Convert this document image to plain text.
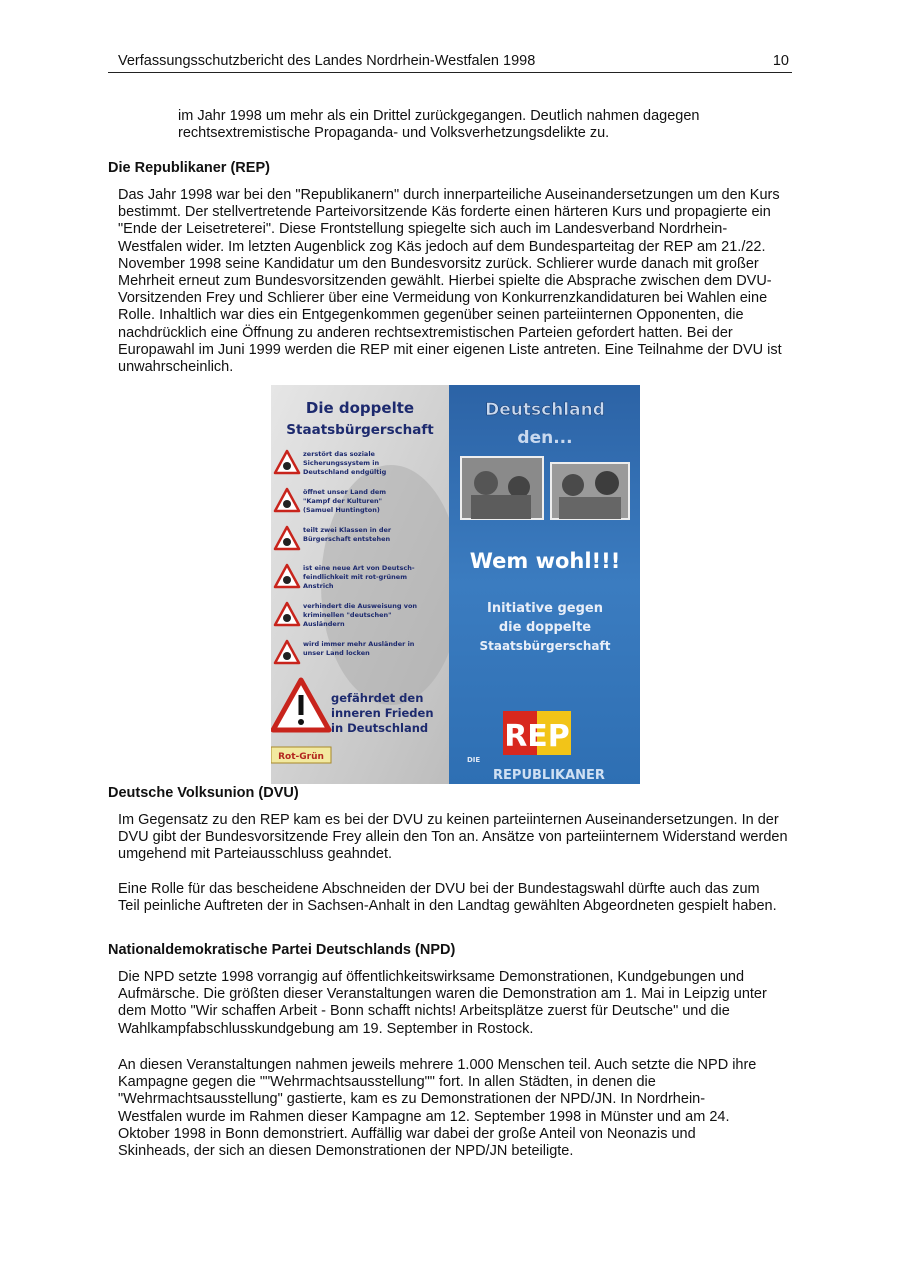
Verfassungsschutzbericht des Landes Nordrhein-Westfalen 1998	10

im Jahr 1998 um mehr als ein Drittel zurückgegangen. Deutlich nahmen dagegen rechtsextremistische Propaganda- und Volksverhetzungsdelikte zu.

Die Republikaner (REP)

Das Jahr 1998 war bei den "Republikanern" durch innerparteiliche Auseinandersetzungen um den Kurs bestimmt. Der stellvertretende Parteivorsitzende Käs forderte einen härteren Kurs und propagierte ein "Ende der Leisetreterei". Diese Frontstellung spiegelte sich auch im Landesverband Nordrhein-Westfalen wider. Im letzten Augenblick zog Käs jedoch auf dem Bundesparteitag der REP am 21./22. November 1998 seine Kandidatur um den Bundesvorsitz zurück. Schlierer wurde danach mit großer Mehrheit erneut zum Bundesvorsitzenden gewählt. Hierbei spielte die Absprache zwischen dem DVU-Vorsitzenden Frey und Schlierer über eine Vermeidung von Konkurrenzkandidaturen bei Wahlen eine Rolle. Inhaltlich war dies ein Entgegenkommen gegenüber seinen parteiinternen Opponenten, die nachdrücklich eine Öffnung zu anderen rechtsextremistischen Parteien gefordert hatten. Bei der Europawahl im Juni 1999 werden die REP mit einer eigenen Liste antreten. Eine Teilnahme der DVU ist unwahrscheinlich.

Die doppelte
Staatsbürgerschaft
zerstört das soziale
Sicherungssystem in
Deutschland endgültig
öffnet unser Land dem
"Kampf der Kulturen"
(Samuel Huntington)
teilt zwei Klassen in der
Bürgerschaft entstehen
ist eine neue Art von Deutsch-
feindlichkeit mit rot-grünem
Anstrich
verhindert die Ausweisung von
kriminellen "deutschen"
Ausländern
wird immer mehr Ausländer in
unser Land locken
gefährdet den
inneren Frieden
in Deutschland
Rot-Grün
Deutschland
den...
Wem wohl!!!
Initiative gegen
die doppelte
Staatsbürgerschaft
REP
DIE
REPUBLIKANER
Deutsche Volksunion (DVU)

Im Gegensatz zu den REP kam es bei der DVU zu keinen parteiinternen Auseinandersetzungen. In der DVU gibt der Bundesvorsitzende Frey allein den Ton an. Ansätze von parteiinternem Widerstand werden umgehend mit Parteiausschluss geahndet.

Eine Rolle für das bescheidene Abschneiden der DVU bei der Bundestagswahl dürfte auch das zum Teil peinliche Auftreten der in Sachsen-Anhalt in den Landtag gewählten Abgeordneten gespielt haben.

Nationaldemokratische Partei Deutschlands (NPD)

Die NPD setzte 1998 vorrangig auf öffentlichkeitswirksame Demonstrationen, Kundgebungen und Aufmärsche. Die größten dieser Veranstaltungen waren die Demonstration am 1. Mai in Leipzig unter dem Motto "Wir schaffen Arbeit - Bonn schafft nichts! Arbeitsplätze zuerst für Deutsche" und die Wahlkampfabschlusskundgebung am 19. September in Rostock.

An diesen Veranstaltungen nahmen jeweils mehrere 1.000 Menschen teil. Auch setzte die NPD ihre Kampagne gegen die ""Wehrmachtsausstellung"" fort. In allen Städten, in denen die "Wehrmachtsausstellung" gastierte, kam es zu Demonstrationen der NPD/JN. In Nordrhein-Westfalen wurde im Rahmen dieser Kampagne am 12. September 1998 in Münster und am 24. Oktober 1998 in Bonn demonstriert. Auffällig war dabei der große Anteil von Neonazis und Skinheads, der sich an diesen Demonstrationen der NPD/JN beteiligte.
